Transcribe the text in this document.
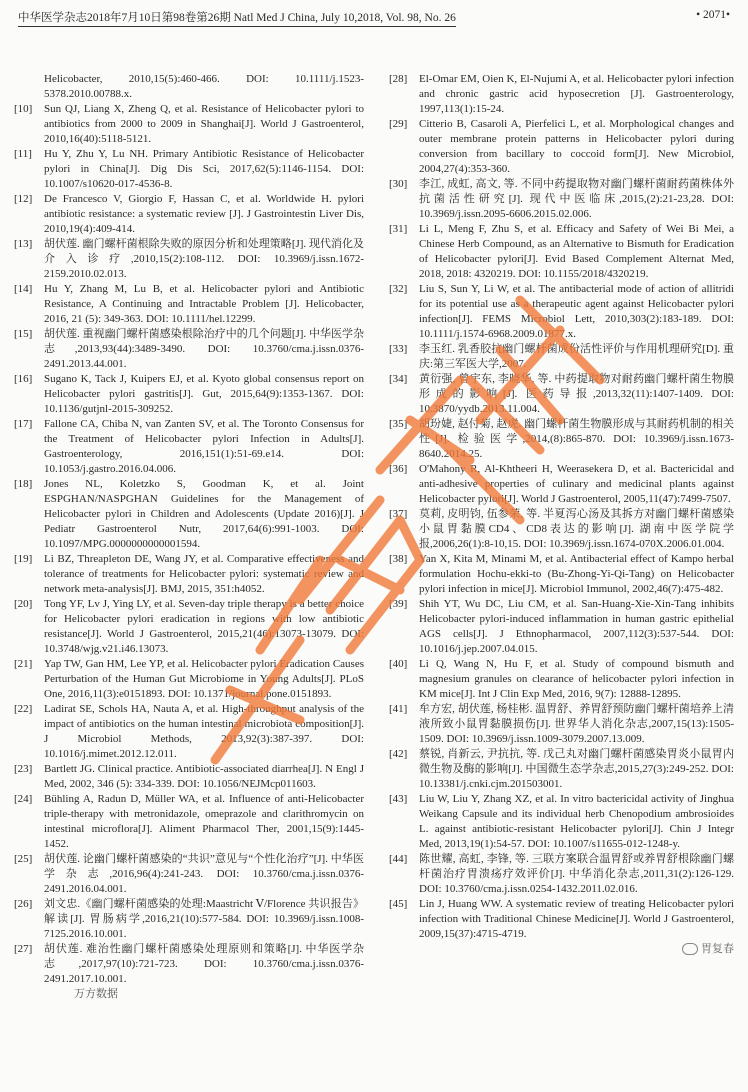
中华医学杂志2018年7月10日第98卷第26期 Natl Med J China, July 10,2018, Vol. 98, No. 26	• 2071•
Helicobacter, 2010,15(5):460-466. DOI: 10.1111/j.1523-5378.2010.00788.x.
[10] Sun QJ, Liang X, Zheng Q, et al. Resistance of Helicobacter pylori to antibiotics from 2000 to 2009 in Shanghai[J]. World J Gastroenterol, 2010,16(40):5118-5121.
[11] Hu Y, Zhu Y, Lu NH. Primary Antibiotic Resistance of Helicobacter pylori in China[J]. Dig Dis Sci, 2017,62(5):1146-1154. DOI: 10.1007/s10620-017-4536-8.
[12] De Francesco V, Giorgio F, Hassan C, et al. Worldwide H. pylori antibiotic resistance: a systematic review [J]. J Gastrointestin Liver Dis, 2010,19(4):409-414.
[13] 胡伏莲. 幽门螺杆菌根除失败的原因分析和处理策略[J]. 现代消化及介入诊疗,2010,15(2):108-112. DOI: 10.3969/j.issn.1672-2159.2010.02.013.
[14] Hu Y, Zhang M, Lu B, et al. Helicobacter pylori and Antibiotic Resistance, A Continuing and Intractable Problem [J]. Helicobacter, 2016, 21 (5): 349-363. DOI: 10.1111/hel.12299.
[15] 胡伏莲. 重视幽门螺杆菌感染根除治疗中的几个问题[J]. 中华医学杂志,2013,93(44):3489-3490. DOI: 10.3760/cma.j.issn.0376-2491.2013.44.001.
[16] Sugano K, Tack J, Kuipers EJ, et al. Kyoto global consensus report on Helicobacter pylori gastritis[J]. Gut, 2015,64(9):1353-1367. DOI: 10.1136/gutjnl-2015-309252.
[17] Fallone CA, Chiba N, van Zanten SV, et al. The Toronto Consensus for the Treatment of Helicobacter pylori Infection in Adults[J]. Gastroenterology, 2016,151(1):51-69.e14. DOI: 10.1053/j.gastro.2016.04.006.
[18] Jones NL, Koletzko S, Goodman K, et al. Joint ESPGHAN/NASPGHAN Guidelines for the Management of Helicobacter pylori in Children and Adolescents (Update 2016)[J]. J Pediatr Gastroenterol Nutr, 2017,64(6):991-1003. DOI: 10.1097/MPG.0000000000001594.
[19] Li BZ, Threapleton DE, Wang JY, et al. Comparative effectiveness and tolerance of treatments for Helicobacter pylori: systematic review and network meta-analysis[J]. BMJ, 2015, 351:h4052.
[20] Tong YF, Lv J, Ying LY, et al. Seven-day triple therapy is a better choice for Helicobacter pylori eradication in regions with low antibiotic resistance[J]. World J Gastroenterol, 2015,21(46):13073-13079. DOI: 10.3748/wjg.v21.i46.13073.
[21] Yap TW, Gan HM, Lee YP, et al. Helicobacter pylori Eradication Causes Perturbation of the Human Gut Microbiome in Young Adults[J]. PLoS One, 2016,11(3):e0151893. DOI: 10.1371/journal.pone.0151893.
[22] Ladirat SE, Schols HA, Nauta A, et al. High-throughput analysis of the impact of antibiotics on the human intestinal microbiota composition[J]. J Microbiol Methods, 2013,92(3):387-397. DOI: 10.1016/j.mimet.2012.12.011.
[23] Bartlett JG. Clinical practice. Antibiotic-associated diarrhea[J]. N Engl J Med, 2002, 346 (5): 334-339. DOI: 10.1056/NEJMcp011603.
[24] Bühling A, Radun D, Müller WA, et al. Influence of anti-Helicobacter triple-therapy with metronidazole, omeprazole and clarithromycin on intestinal microflora[J]. Aliment Pharmacol Ther, 2001,15(9):1445-1452.
[25] 胡伏莲. 论幽门螺杆菌感染的“共识”意见与“个性化治疗”[J]. 中华医学杂志,2016,96(4):241-243. DOI: 10.3760/cma.j.issn.0376-2491.2016.04.001.
[26] 刘文忠.《幽门螺杆菌感染的处理:Maastricht Ⅴ/Florence 共识报告》解读[J]. 胃肠病学,2016,21(10):577-584. DOI: 10.3969/j.issn.1008-7125.2016.10.001.
[27] 胡伏莲. 难治性幽门螺杆菌感染处理原则和策略[J]. 中华医学杂志,2017,97(10):721-723. DOI: 10.3760/cma.j.issn.0376-2491.2017.10.001.
万方数据
[28] El-Omar EM, Oien K, El-Nujumi A, et al. Helicobacter pylori infection and chronic gastric acid hyposecretion [J]. Gastroenterology, 1997,113(1):15-24.
[29] Citterio B, Casaroli A, Pierfelici L, et al. Morphological changes and outer membrane protein patterns in Helicobacter pylori during conversion from bacillary to coccoid form[J]. New Microbiol, 2004,27(4):353-360.
[30] 李江, 成虹, 高文, 等. 不同中药提取物对幽门螺杆菌耐药菌株体外抗菌活性研究[J]. 现代中医临床,2015,(2):21-23,28. DOI: 10.3969/j.issn.2095-6606.2015.02.006.
[31] Li L, Meng F, Zhu S, et al. Efficacy and Safety of Wei Bi Mei, a Chinese Herb Compound, as an Alternative to Bismuth for Eradication of Helicobacter pylori[J]. Evid Based Complement Alternat Med, 2018, 2018: 4320219. DOI: 10.1155/2018/4320219.
[32] Liu S, Sun Y, Li W, et al. The antibacterial mode of action of allitridi for its potential use as a therapeutic agent against Helicobacter pylori infection[J]. FEMS Microbiol Lett, 2010,303(2):183-189. DOI: 10.1111/j.1574-6968.2009.01877.x.
[33] 李玉红. 乳香胶抗幽门螺杆菌成份活性评价与作用机理研究[D]. 重庆:第三军医大学,2007.
[34] 黄衍强, 曾宇东, 李晓华, 等. 中药提取物对耐药幽门螺杆菌生物膜形成的影响[J]. 医药导报,2013,32(11):1407-1409. DOI: 10.3870/yydb.2013.11.004.
[35] 胡玢婕, 赵付菊, 赵虎. 幽门螺杆菌生物膜形成与其耐药机制的相关性[J]. 检验医学,2014,(8):865-870. DOI: 10.3969/j.issn.1673-8640.2014.25.
[36] O'Mahony R, Al-Khtheeri H, Weerasekera D, et al. Bactericidal and anti-adhesive properties of culinary and medicinal plants against Helicobacter pylori[J]. World J Gastroenterol, 2005,11(47):7499-7507.
[37] 莫莉, 皮明钧, 伍参荣, 等. 半夏泻心汤及其拆方对幽门螺杆菌感染小鼠胃黏膜CD4、CD8表达的影响[J]. 湖南中医学院学报,2006,26(1):8-10,15. DOI: 10.3969/j.issn.1674-070X.2006.01.004.
[38] Yan X, Kita M, Minami M, et al. Antibacterial effect of Kampo herbal formulation Hochu-ekki-to (Bu-Zhong-Yi-Qi-Tang) on Helicobacter pylori infection in mice[J]. Microbiol Immunol, 2002,46(7):475-482.
[39] Shih YT, Wu DC, Liu CM, et al. San-Huang-Xie-Xin-Tang inhibits Helicobacter pylori-induced inflammation in human gastric epithelial AGS cells[J]. J Ethnopharmacol, 2007,112(3):537-544. DOI: 10.1016/j.jep.2007.04.015.
[40] Li Q, Wang N, Hu F, et al. Study of compound bismuth and magnesium granules on clearance of helicobacter pylori infection in KM mice[J]. Int J Clin Exp Med, 2016, 9(7): 12888-12895.
[41] 牟方宏, 胡伏莲, 杨桂彬. 温胃舒、养胃舒预防幽门螺杆菌培养上清液所致小鼠胃黏膜损伤[J]. 世界华人消化杂志,2007,15(13):1505-1509. DOI: 10.3969/j.issn.1009-3079.2007.13.009.
[42] 蔡锐, 肖新云, 尹抗抗, 等. 戊己丸对幽门螺杆菌感染胃炎小鼠胃内微生物及酶的影响[J]. 中国微生态学杂志,2015,27(3):249-252. DOI: 10.13381/j.cnki.cjm.201503001.
[43] Liu W, Liu Y, Zhang XZ, et al. In vitro bactericidal activity of Jinghua Weikang Capsule and its individual herb Chenopodium ambrosioides L. against antibiotic-resistant Helicobacter pylori[J]. Chin J Integr Med, 2013,19(1):54-57. DOI: 10.1007/s11655-012-1248-y.
[44] 陈世耀, 高虹, 李锋, 等. 三联方案联合温胃舒或养胃舒根除幽门螺杆菌治疗胃溃疡疗效评价[J]. 中华消化杂志,2011,31(2):126-129. DOI: 10.3760/cma.j.issn.0254-1432.2011.02.016.
[45] Lin J, Huang WW. A systematic review of treating Helicobacter pylori infection with Traditional Chinese Medicine[J]. World J Gastroenterol, 2009,15(37):4715-4719.
胃复春
